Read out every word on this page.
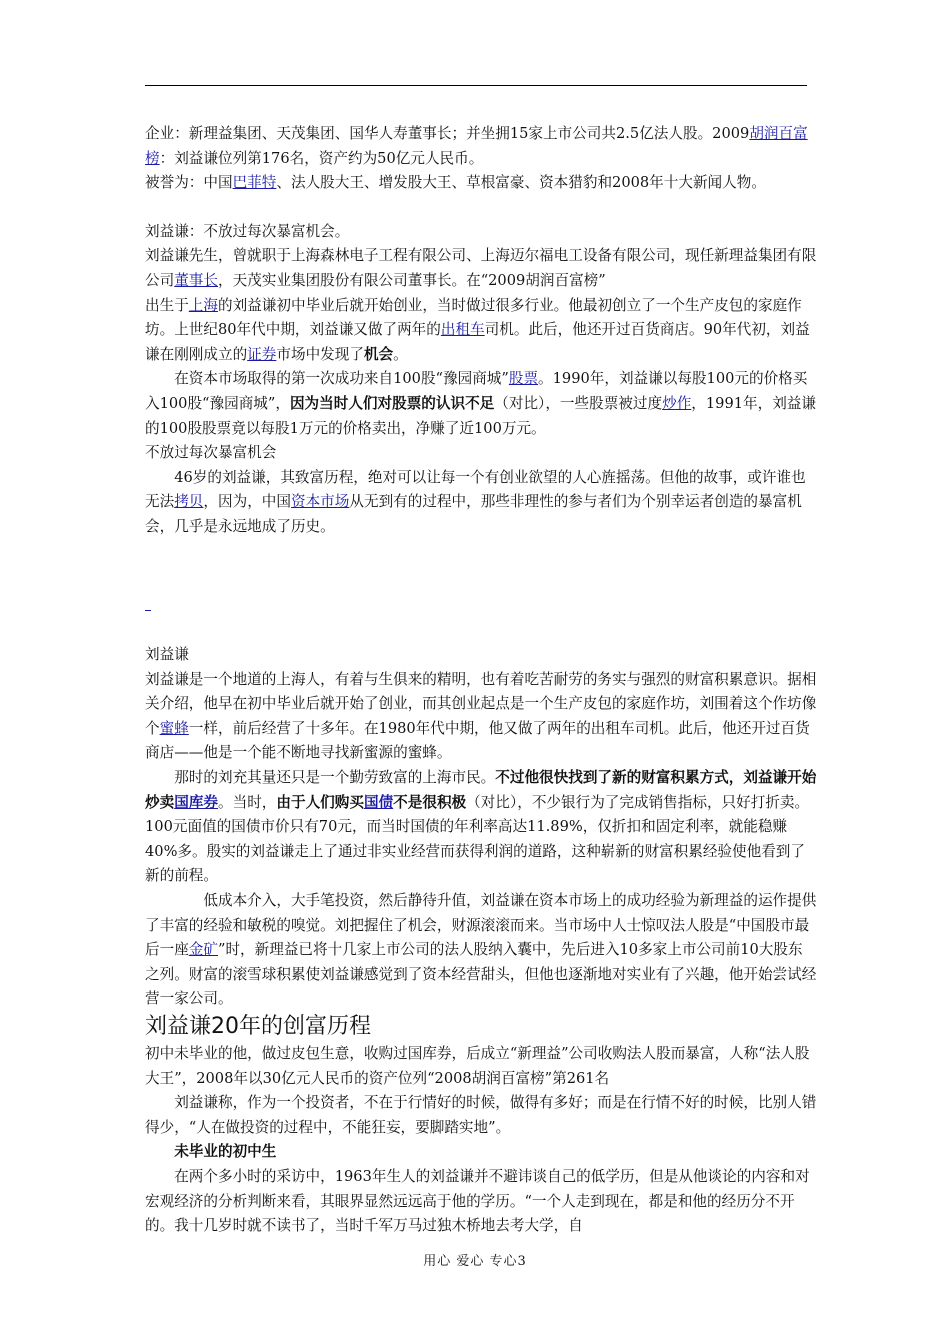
企业：新理益集团、天茂集团、国华人寿董事长；并坐拥15家上市公司共2.5亿法人股。2009胡润百富榜：刘益谦位列第176名，资产约为50亿元人民币。

被誉为：中国巴菲特、法人股大王、增发股大王、草根富豪、资本猎豹和2008年十大新闻人物。

刘益谦：不放过每次暴富机会。

刘益谦先生，曾就职于上海森林电子工程有限公司、上海迈尔福电工设备有限公司，现任新理益集团有限公司董事长，天茂实业集团股份有限公司董事长。在“2009胡润百富榜”

出生于上海的刘益谦初中毕业后就开始创业，当时做过很多行业。他最初创立了一个生产皮包的家庭作坊。上世纪80年代中期，刘益谦又做了两年的出租车司机。此后，他还开过百货商店。90年代初，刘益谦在刚刚成立的证券市场中发现了机会。

在资本市场取得的第一次成功来自100股“豫园商城”股票。1990年，刘益谦以每股100元的价格买入100股“豫园商城”，因为当时人们对股票的认识不足（对比），一些股票被过度炒作，1991年，刘益谦的100股股票竟以每股1万元的价格卖出，净赚了近100万元。

不放过每次暴富机会

46岁的刘益谦，其致富历程，绝对可以让每一个有创业欲望的人心旌摇荡。但他的故事，或许谁也无法拷贝，因为，中国资本市场从无到有的过程中，那些非理性的参与者们为个别幸运者创造的暴富机会，几乎是永远地成了历史。

刘益谦

刘益谦是一个地道的上海人，有着与生俱来的精明，也有着吃苦耐劳的务实与强烈的财富积累意识。据相关介绍，他早在初中毕业后就开始了创业，而其创业起点是一个生产皮包的家庭作坊，刘围着这个作坊像个蜜蜂一样，前后经营了十多年。在1980年代中期，他又做了两年的出租车司机。此后，他还开过百货商店——他是一个能不断地寻找新蜜源的蜜蜂。

那时的刘充其量还只是一个勤劳致富的上海市民。不过他很快找到了新的财富积累方式，刘益谦开始炒卖国库券。当时，由于人们购买国债不是很积极（对比），不少银行为了完成销售指标，只好打折卖。100元面值的国债市价只有70元，而当时国债的年利率高达11.89%，仅折扣和固定利率，就能稳赚40%多。殷实的刘益谦走上了通过非实业经营而获得利润的道路，这种崭新的财富积累经验使他看到了新的前程。

低成本介入，大手笔投资，然后静待升值，刘益谦在资本市场上的成功经验为新理益的运作提供了丰富的经验和敏税的嗅觉。刘把握住了机会，财源滚滚而来。当市场中人士惊叹法人股是“中国股市最后一座金矿”时，新理益已将十几家上市公司的法人股纳入囊中，先后进入10多家上市公司前10大股东之列。财富的滚雪球积累使刘益谦感觉到了资本经营甜头，但他也逐渐地对实业有了兴趣，他开始尝试经营一家公司。

刘益谦20年的创富历程

初中未毕业的他，做过皮包生意，收购过国库券，后成立“新理益”公司收购法人股而暴富，人称“法人股大王”，2008年以30亿元人民币的资产位列“2008胡润百富榜”第261名

刘益谦称，作为一个投资者，不在于行情好的时候，做得有多好；而是在行情不好的时候，比别人错得少，“人在做投资的过程中，不能狂妄，要脚踏实地”。

未毕业的初中生

在两个多小时的采访中，1963年生人的刘益谦并不避讳谈自己的低学历，但是从他谈论的内容和对宏观经济的分析判断来看，其眼界显然远远高于他的学历。“一个人走到现在，都是和他的经历分不开的。我十几岁时就不读书了，当时千军万马过独木桥地去考大学，自

用心 爱心 专心3
